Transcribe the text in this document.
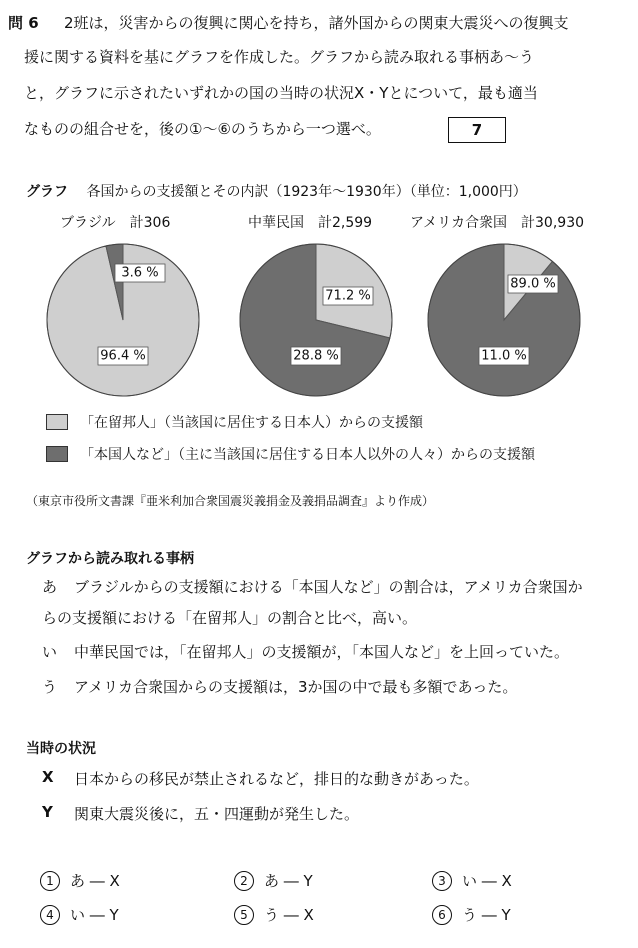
問 6 2班は，災害からの復興に関心を持ち，諸外国からの関東大震災への復興支
援に関する資料を基にグラフを作成した。グラフから読み取れる事柄あ～う
と，グラフに示されたいずれかの国の当時の状況X・Yとについて，最も適当
なものの組合せを，後の①～⑥のうちから一つ選べ。	7
グラフ 各国からの支援額とその内訳（1923年～1930年）（単位：1,000円）
ブラジル　計306	中華民国　計2,599	アメリカ合衆国　計30,930
96.4 %
3.6 %
28.8 %
71.2 %
11.0 %
89.0 %
「在留邦人」（当該国に居住する日本人）からの支援額
「本国人など」（主に当該国に居住する日本人以外の人々）からの支援額
（東京市役所文書課『亜米利加合衆国震災義捐金及義捐品調査』より作成）
グラフから読み取れる事柄
あ ブラジルからの支援額における「本国人など」の割合は，アメリカ合衆国か
らの支援額における「在留邦人」の割合と比べ，高い。
い 中華民国では，「在留邦人」の支援額が，「本国人など」を上回っていた。
う アメリカ合衆国からの支援額は，3か国の中で最も多額であった。
当時の状況
X 日本からの移民が禁止されるなど，排日的な動きがあった。
Y 関東大震災後に，五・四運動が発生した。
1	あ ― X	2	あ ― Y	3	い ― X
4	い ― Y	5	う ― X	6	う ― Y
